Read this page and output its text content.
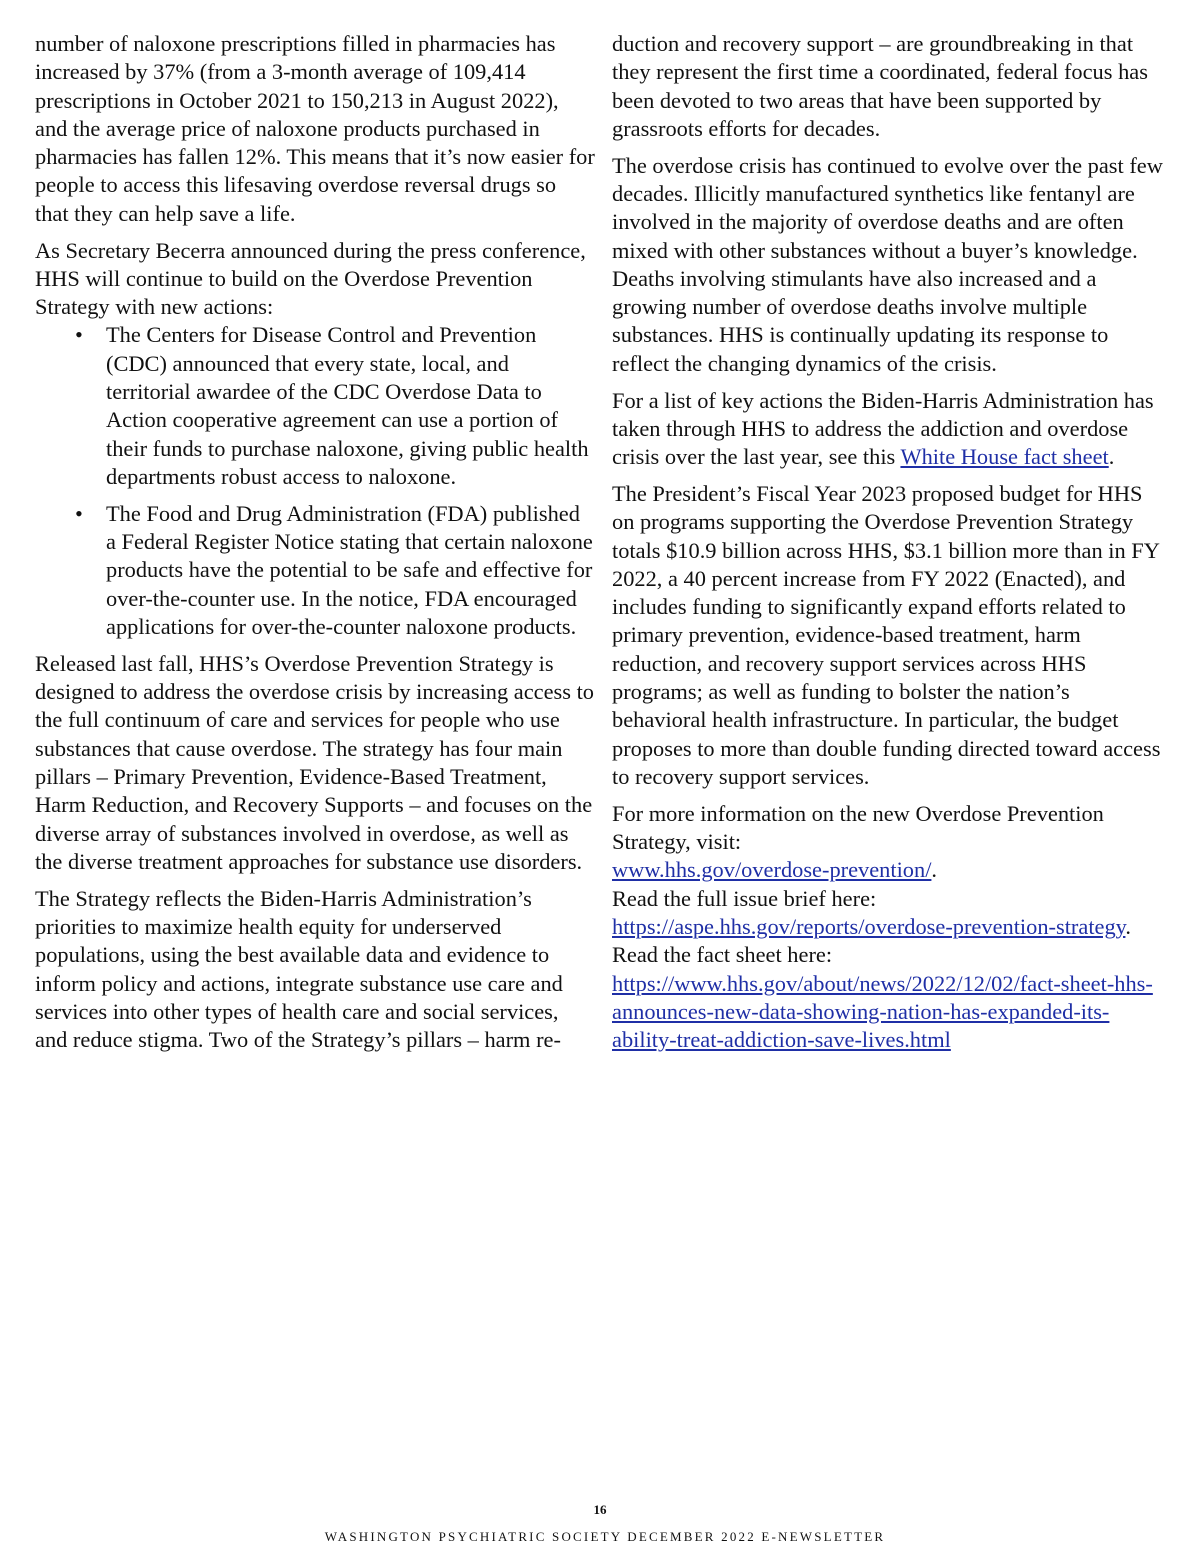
number of naloxone prescriptions filled in pharmacies has increased by 37% (from a 3-month average of 109,414 prescriptions in October 2021 to 150,213 in August 2022), and the average price of naloxone products purchased in pharmacies has fallen 12%. This means that it’s now easier for people to access this lifesaving overdose reversal drugs so that they can help save a life.

As Secretary Becerra announced during the press conference, HHS will continue to build on the Overdose Prevention Strategy with new actions:

• The Centers for Disease Control and Prevention (CDC) announced that every state, local, and territorial awardee of the CDC Overdose Data to Action cooperative agreement can use a portion of their funds to purchase naloxone, giving public health departments robust access to naloxone.
• The Food and Drug Administration (FDA) published a Federal Register Notice stating that certain naloxone products have the potential to be safe and effective for over-the-counter use. In the notice, FDA encouraged applications for over-the-counter naloxone products.

Released last fall, HHS’s Overdose Prevention Strategy is designed to address the overdose crisis by increasing access to the full continuum of care and services for people who use substances that cause overdose. The strategy has four main pillars – Primary Prevention, Evidence-Based Treatment, Harm Reduction, and Recovery Supports – and focuses on the diverse array of substances involved in overdose, as well as the diverse treatment approaches for substance use disorders.

The Strategy reflects the Biden-Harris Administration’s priorities to maximize health equity for underserved populations, using the best available data and evidence to inform policy and actions, integrate substance use care and services into other types of health care and social services, and reduce stigma. Two of the Strategy’s pillars – harm re-

duction and recovery support – are groundbreaking in that they represent the first time a coordinated, federal focus has been devoted to two areas that have been supported by grassroots efforts for decades.

The overdose crisis has continued to evolve over the past few decades. Illicitly manufactured synthetics like fentanyl are involved in the majority of overdose deaths and are often mixed with other substances without a buyer’s knowledge. Deaths involving stimulants have also increased and a growing number of overdose deaths involve multiple substances. HHS is continually updating its response to reflect the changing dynamics of the crisis.

For a list of key actions the Biden-Harris Administration has taken through HHS to address the addiction and overdose crisis over the last year, see this White House fact sheet.

The President’s Fiscal Year 2023 proposed budget for HHS on programs supporting the Overdose Prevention Strategy totals $10.9 billion across HHS, $3.1 billion more than in FY 2022, a 40 percent increase from FY 2022 (Enacted), and includes funding to significantly expand efforts related to primary prevention, evidence-based treatment, harm reduction, and recovery support services across HHS programs; as well as funding to bolster the nation’s behavioral health infrastructure. In particular, the budget proposes to more than double funding directed toward access to recovery support services.

For more information on the new Overdose Prevention Strategy, visit:
www.hhs.gov/overdose-prevention/.
Read the full issue brief here: https://aspe.hhs.gov/reports/overdose-prevention-strategy.
Read the fact sheet here: https://www.hhs.gov/about/news/2022/12/02/fact-sheet-hhs-announces-new-data-showing-nation-has-expanded-its-ability-treat-addiction-save-lives.html

16
WASHINGTON PSYCHIATRIC SOCIETY DECEMBER 2022 E-NEWSLETTER
